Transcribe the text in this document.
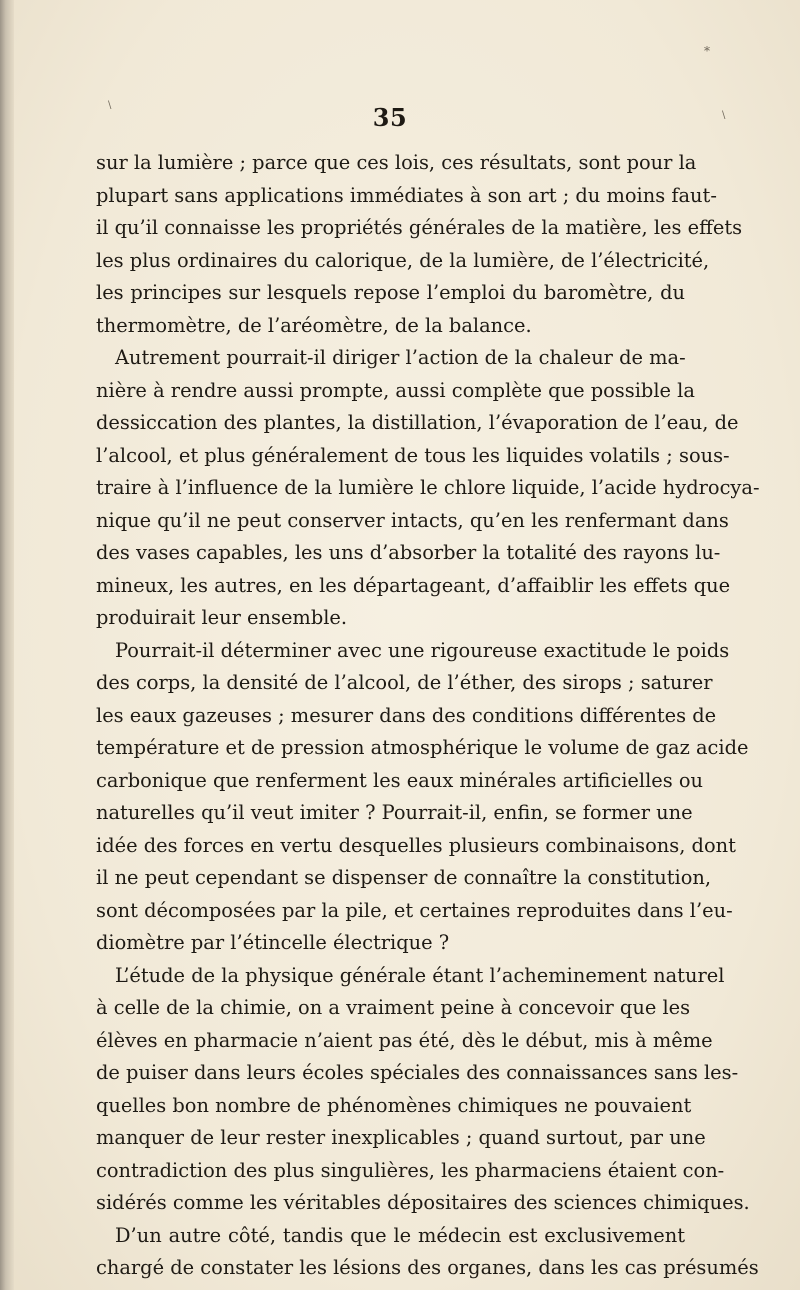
*
\
\
35
sur la lumière ; parce que ces lois, ces résultats, sont pour la
plupart sans applications immédiates à son art ; du moins faut-
il qu’il connaisse les propriétés générales de la matière, les effets
les plus ordinaires du calorique, de la lumière, de l’électricité,
les principes sur lesquels repose l’emploi du baromètre, du
thermomètre, de l’aréomètre, de la balance.
Autrement pourrait-il diriger l’action de la chaleur de ma-
nière à rendre aussi prompte, aussi complète que possible la
dessiccation des plantes, la distillation, l’évaporation de l’eau, de
l’alcool, et plus généralement de tous les liquides volatils ; sous-
traire à l’influence de la lumière le chlore liquide, l’acide hydrocya-
nique qu’il ne peut conserver intacts, qu’en les renfermant dans
des vases capables, les uns d’absorber la totalité des rayons lu-
mineux, les autres, en les départageant, d’affaiblir les effets que
produirait leur ensemble.
Pourrait-il déterminer avec une rigoureuse exactitude le poids
des corps, la densité de l’alcool, de l’éther, des sirops ; saturer
les eaux gazeuses ; mesurer dans des conditions différentes de
température et de pression atmosphérique le volume de gaz acide
carbonique que renferment les eaux minérales artificielles ou
naturelles qu’il veut imiter ? Pourrait-il, enfin, se former une
idée des forces en vertu desquelles plusieurs combinaisons, dont
il ne peut cependant se dispenser de connaître la constitution,
sont décomposées par la pile, et certaines reproduites dans l’eu-
diomètre par l’étincelle électrique ?
L’étude de la physique générale étant l’acheminement naturel
à celle de la chimie, on a vraiment peine à concevoir que les
élèves en pharmacie n’aient pas été, dès le début, mis à même
de puiser dans leurs écoles spéciales des connaissances sans les-
quelles bon nombre de phénomènes chimiques ne pouvaient
manquer de leur rester inexplicables ; quand surtout, par une
contradiction des plus singulières, les pharmaciens étaient con-
sidérés comme les véritables dépositaires des sciences chimiques.
D’un autre côté, tandis que le médecin est exclusivement
chargé de constater les lésions des organes, dans les cas présumés
